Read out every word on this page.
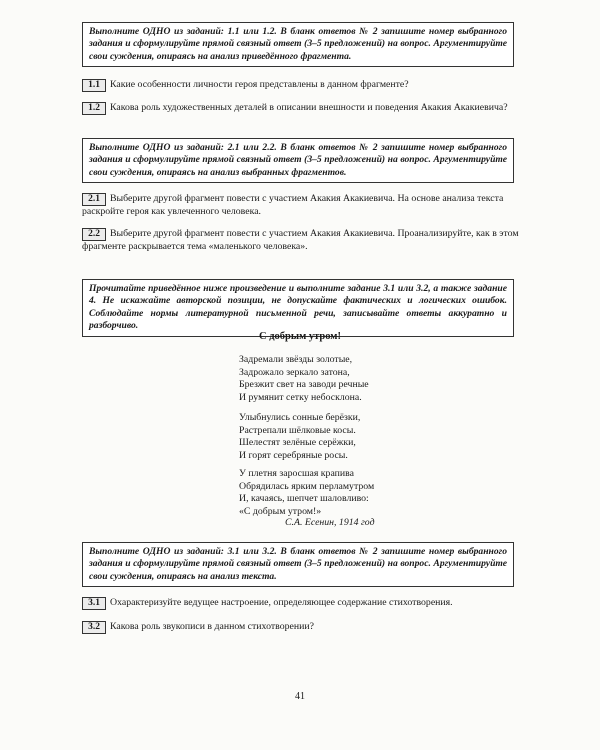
Выполните ОДНО из заданий: 1.1 или 1.2. В бланк ответов № 2 запишите номер выбранного задания и сформулируйте прямой связный ответ (3–5 предложений) на вопрос. Аргументируйте свои суждения, опираясь на анализ приведённого фрагмента.
1.1 Какие особенности личности героя представлены в данном фрагменте?
1.2 Какова роль художественных деталей в описании внешности и поведения Акакия Акакиевича?
Выполните ОДНО из заданий: 2.1 или 2.2. В бланк ответов № 2 запишите номер выбранного задания и сформулируйте прямой связный ответ (3–5 предложений) на вопрос. Аргументируйте свои суждения, опираясь на анализ выбранных фрагментов.
2.1 Выберите другой фрагмент повести с участием Акакия Акакиевича. На основе анализа текста раскройте героя как увлеченного человека.
2.2 Выберите другой фрагмент повести с участием Акакия Акакиевича. Проанализируйте, как в этом фрагменте раскрывается тема «маленького человека».
Прочитайте приведённое ниже произведение и выполните задание 3.1 или 3.2, а также задание 4. Не искажайте авторской позиции, не допускайте фактических и логических ошибок. Соблюдайте нормы литературной письменной речи, записывайте ответы аккуратно и разборчиво.
С добрым утром!
Задремали звёзды золотые,
Задрожало зеркало затона,
Брезжит свет на заводи речные
И румянит сетку небосклона.
Улыбнулись сонные берёзки,
Растрепали шёлковые косы.
Шелестят зелёные серёжки,
И горят серебряные росы.
У плетня заросшая крапива
Обрядилась ярким перламутром
И, качаясь, шепчет шаловливо:
«С добрым утром!»
С.А. Есенин, 1914 год
Выполните ОДНО из заданий: 3.1 или 3.2. В бланк ответов № 2 запишите номер выбранного задания и сформулируйте прямой связный ответ (3–5 предложений) на вопрос. Аргументируйте свои суждения, опираясь на анализ текста.
3.1 Охарактеризуйте ведущее настроение, определяющее содержание стихотворения.
3.2 Какова роль звукописи в данном стихотворении?
41
